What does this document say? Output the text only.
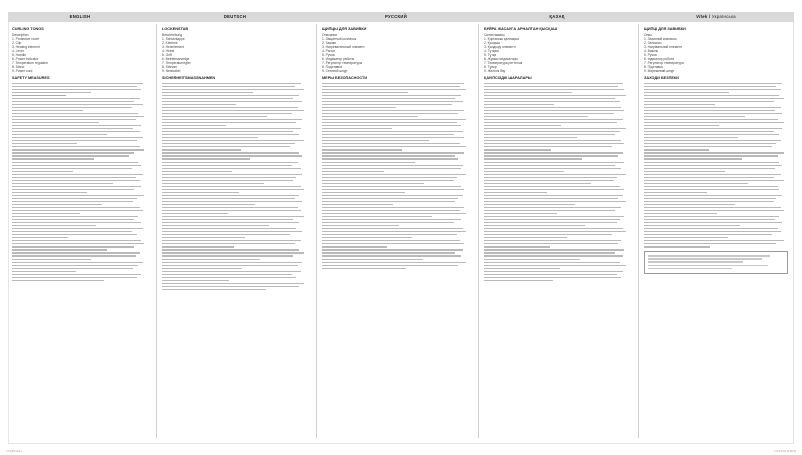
ENGLISH
CURLING TONGS

Description

1. Protective cover

2. Clip

3. Heating element

4. Lever

5. Handle

6. Power indicator

7. Temperature regulator

8. Stand

9. Power cord

SAFETY MEASURES
DEUTSCH
LOCKENSTAB

Beschreibung

1. Schutzkappe

2. Klemme

3. Heizelement

4. Hebel

5. Griff

6. Betriebsanzeige

7. Temperaturregler

8. Ständer

9. Netzkabel

SICHERHEITSMASSNAHMEN
РУССКИЙ
ЩИПЦЫ ДЛЯ ЗАВИВКИ

Описание

1. Защитный колпачок

2. Зажим

3. Нагревательный элемент

4. Рычаг

5. Ручка

6. Индикатор работы

7. Регулятор температуры

8. Подставка

9. Сетевой шнур

МЕРЫ БЕЗОПАСНОСТИ
ҚАЗАҚ
БҰЙРА ЖАСАУҒА АРНАЛҒАН ҚЫСҚАШ

Сипаттамасы

1. Қорғаныш қалпақша

2. Қысқыш

3. Қыздыру элементі

4. Тұтқаш

5. Тұтқа

6. Жұмыс индикаторы

7. Температура реттегіші

8. Тұғыр

9. Желілік бау

ҚАУІПСІЗДІК ШАРАЛАРЫ
Vitek / Українська
ЩИПЦІ ДЛЯ ЗАВИВКИ

Опис

1. Захисний ковпачок

2. Затискач

3. Нагрівальний елемент

4. Важіль

5. Ручка

6. Індикатор роботи

7. Регулятор температури

8. Підставка

9. Мережевий шнур

ЗАХОДИ БЕЗПЕКИ
VT-2384.indd 1	14.01.2014 10:38:49
